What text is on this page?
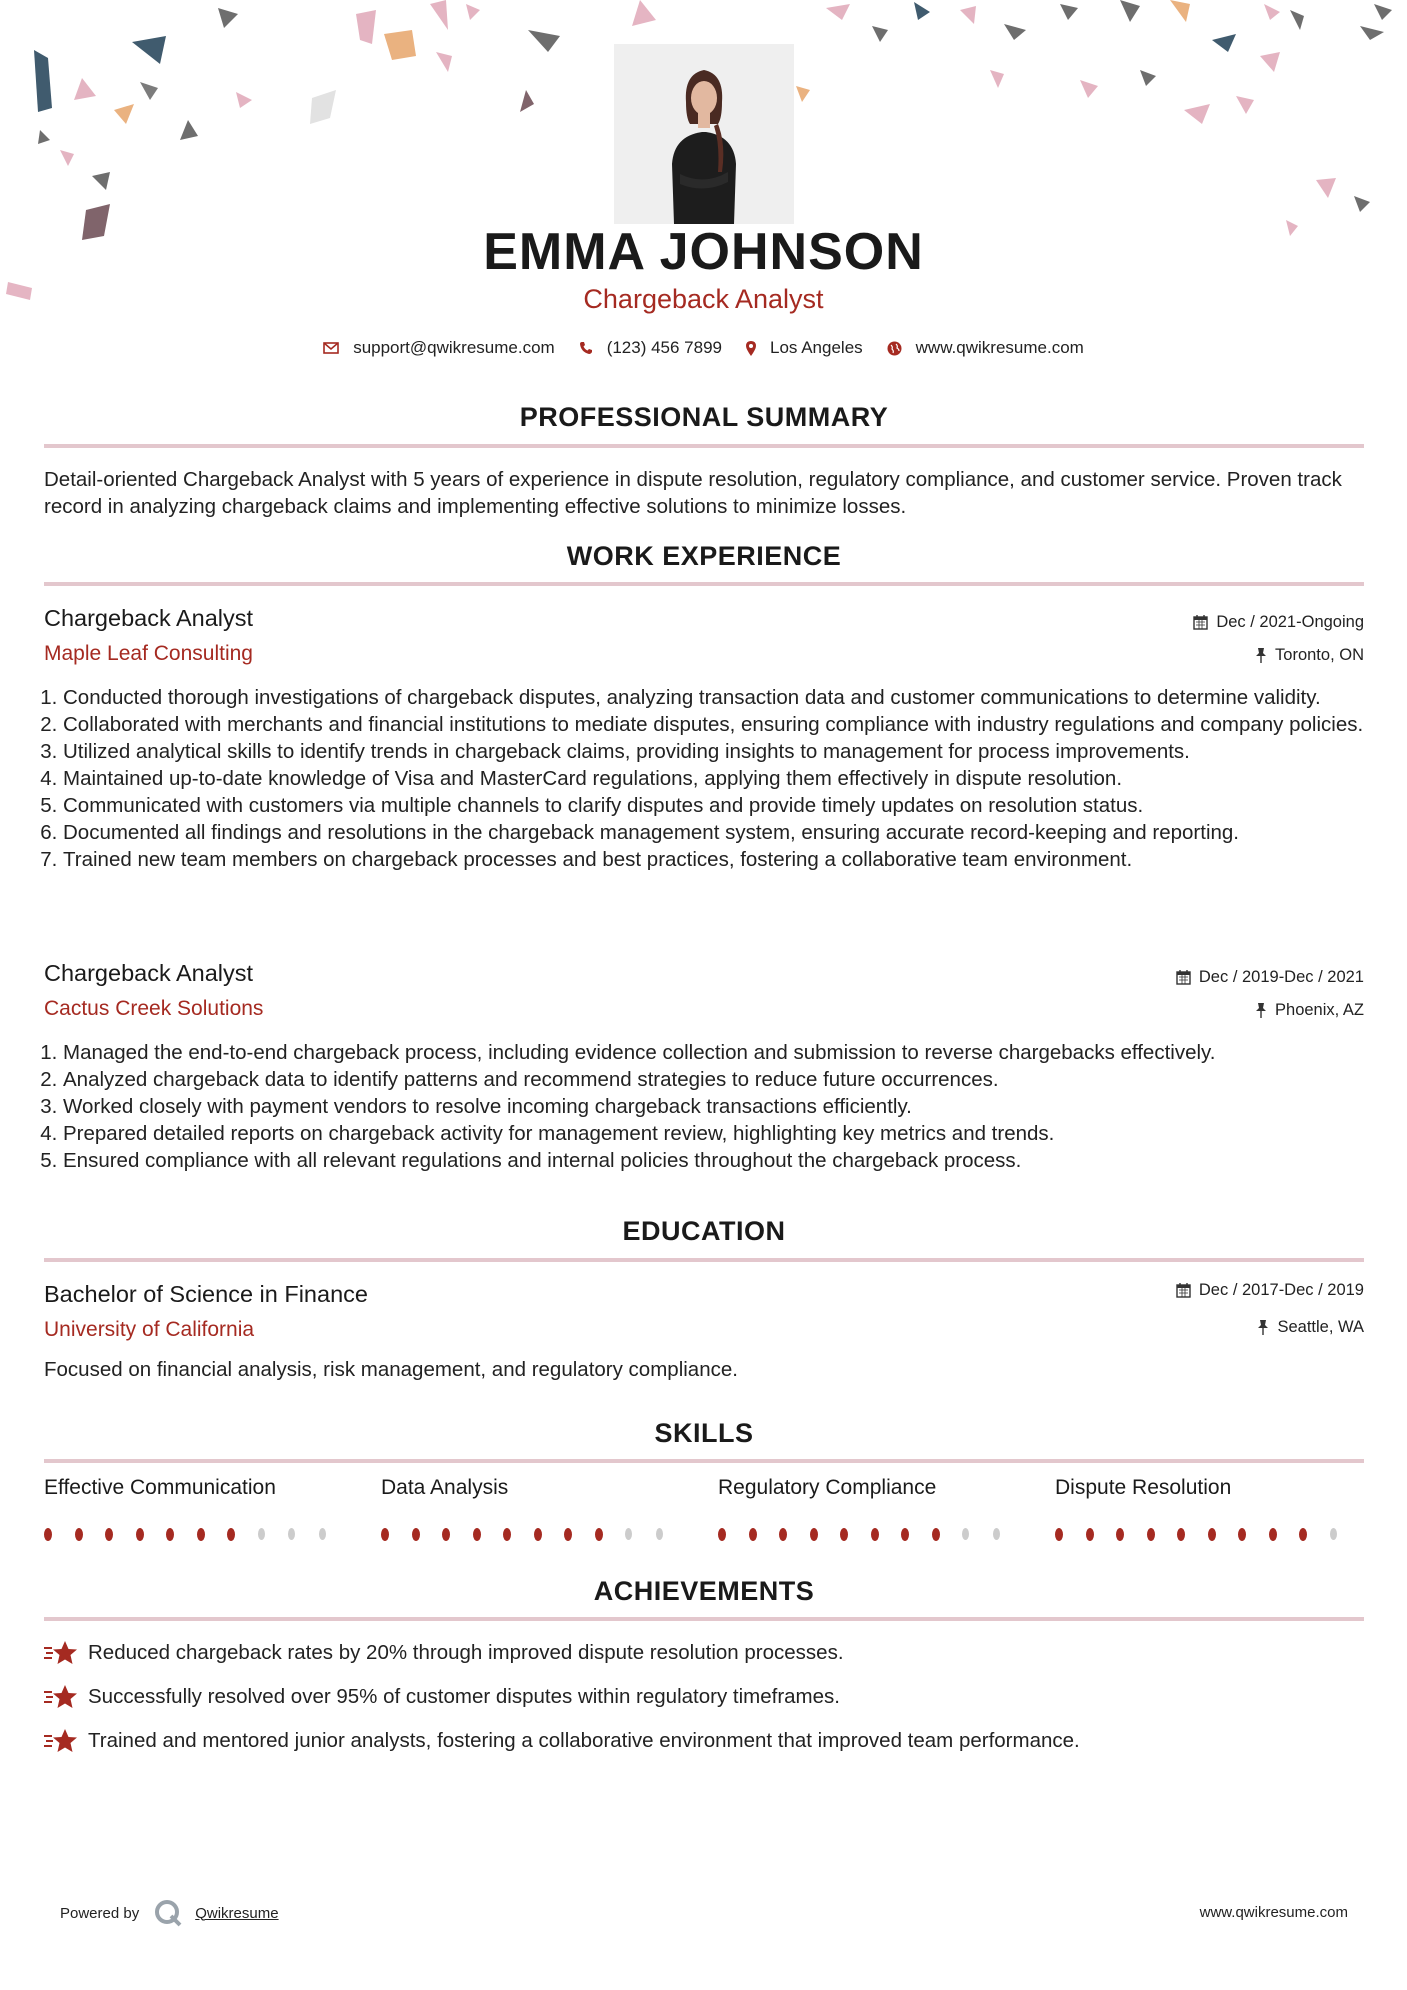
EMMA JOHNSON
Chargeback Analyst
support@qwikresume.com	(123) 456 7899	Los Angeles	www.qwikresume.com
PROFESSIONAL SUMMARY
Detail-oriented Chargeback Analyst with 5 years of experience in dispute resolution, regulatory compliance, and customer service. Proven track record in analyzing chargeback claims and implementing effective solutions to minimize losses.
WORK EXPERIENCE
Chargeback Analyst	Dec / 2021-Ongoing
Maple Leaf Consulting	Toronto, ON
1. Conducted thorough investigations of chargeback disputes, analyzing transaction data and customer communications to determine validity.
2. Collaborated with merchants and financial institutions to mediate disputes, ensuring compliance with industry regulations and company policies.
3. Utilized analytical skills to identify trends in chargeback claims, providing insights to management for process improvements.
4. Maintained up-to-date knowledge of Visa and MasterCard regulations, applying them effectively in dispute resolution.
5. Communicated with customers via multiple channels to clarify disputes and provide timely updates on resolution status.
6. Documented all findings and resolutions in the chargeback management system, ensuring accurate record-keeping and reporting.
7. Trained new team members on chargeback processes and best practices, fostering a collaborative team environment.
Chargeback Analyst	Dec / 2019-Dec / 2021
Cactus Creek Solutions	Phoenix, AZ
1. Managed the end-to-end chargeback process, including evidence collection and submission to reverse chargebacks effectively.
2. Analyzed chargeback data to identify patterns and recommend strategies to reduce future occurrences.
3. Worked closely with payment vendors to resolve incoming chargeback transactions efficiently.
4. Prepared detailed reports on chargeback activity for management review, highlighting key metrics and trends.
5. Ensured compliance with all relevant regulations and internal policies throughout the chargeback process.
EDUCATION
Bachelor of Science in Finance	Dec / 2017-Dec / 2019
University of California	Seattle, WA
Focused on financial analysis, risk management, and regulatory compliance.
SKILLS
Effective Communication	Data Analysis	Regulatory Compliance	Dispute Resolution
ACHIEVEMENTS
Reduced chargeback rates by 20% through improved dispute resolution processes.
Successfully resolved over 95% of customer disputes within regulatory timeframes.
Trained and mentored junior analysts, fostering a collaborative environment that improved team performance.
Powered by	Qwikresume	www.qwikresume.com
